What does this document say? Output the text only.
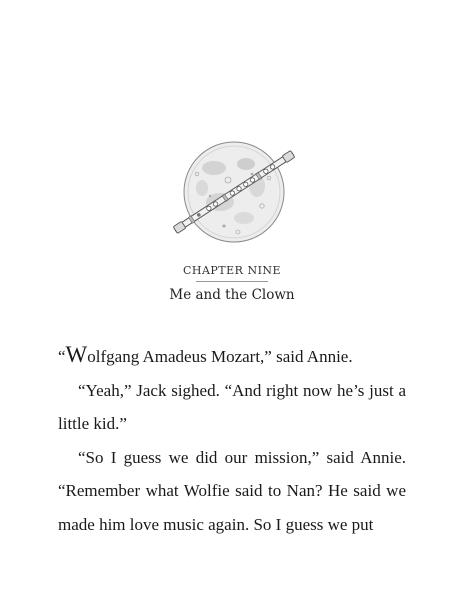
CHAPTER NINE
Me and the Clown

“Wolfgang Amadeus Mozart,” said Annie.

“Yeah,” Jack sighed. “And right now he’s just a little kid.”

“So I guess we did our mission,” said Annie. “Remember what Wolfie said to Nan? He said we made him love music again. So I guess we put
